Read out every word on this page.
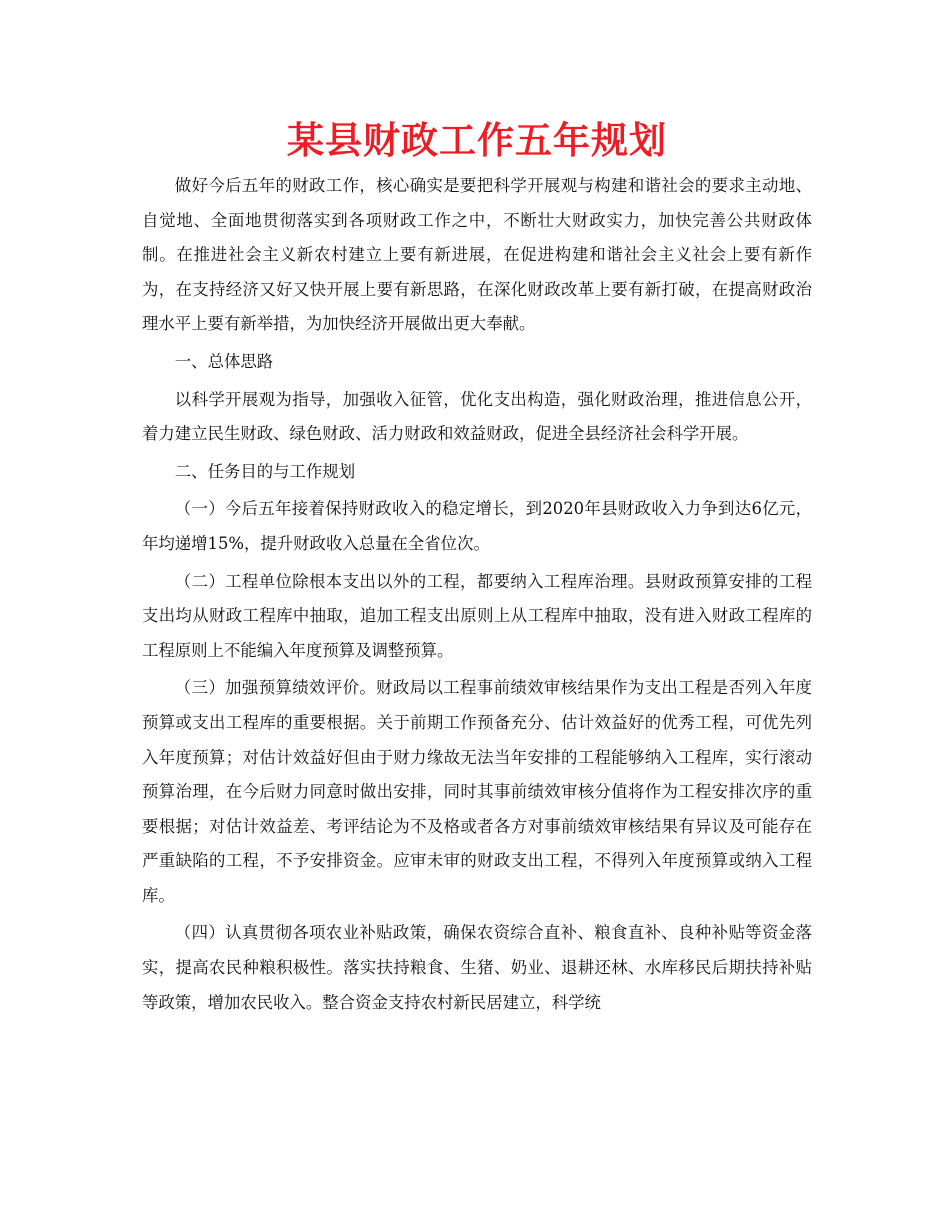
某县财政工作五年规划

做好今后五年的财政工作，核心确实是要把科学开展观与构建和谐社会的要求主动地、自觉地、全面地贯彻落实到各项财政工作之中，不断壮大财政实力，加快完善公共财政体制。在推进社会主义新农村建立上要有新进展，在促进构建和谐社会主义社会上要有新作为，在支持经济又好又快开展上要有新思路，在深化财政改革上要有新打破，在提高财政治理水平上要有新举措，为加快经济开展做出更大奉献。

一、总体思路

以科学开展观为指导，加强收入征管，优化支出构造，强化财政治理，推进信息公开，着力建立民生财政、绿色财政、活力财政和效益财政，促进全县经济社会科学开展。

二、任务目的与工作规划

（一）今后五年接着保持财政收入的稳定增长，到2020年县财政收入力争到达6亿元，年均递增15%，提升财政收入总量在全省位次。

（二）工程单位除根本支出以外的工程，都要纳入工程库治理。县财政预算安排的工程支出均从财政工程库中抽取，追加工程支出原则上从工程库中抽取，没有进入财政工程库的工程原则上不能编入年度预算及调整预算。

（三）加强预算绩效评价。财政局以工程事前绩效审核结果作为支出工程是否列入年度预算或支出工程库的重要根据。关于前期工作预备充分、估计效益好的优秀工程，可优先列入年度预算；对估计效益好但由于财力缘故无法当年安排的工程能够纳入工程库，实行滚动预算治理，在今后财力同意时做出安排，同时其事前绩效审核分值将作为工程安排次序的重要根据；对估计效益差、考评结论为不及格或者各方对事前绩效审核结果有异议及可能存在严重缺陷的工程，不予安排资金。应审未审的财政支出工程，不得列入年度预算或纳入工程库。

（四）认真贯彻各项农业补贴政策，确保农资综合直补、粮食直补、良种补贴等资金落实，提高农民种粮积极性。落实扶持粮食、生猪、奶业、退耕还林、水库移民后期扶持补贴等政策，增加农民收入。整合资金支持农村新民居建立，科学统
